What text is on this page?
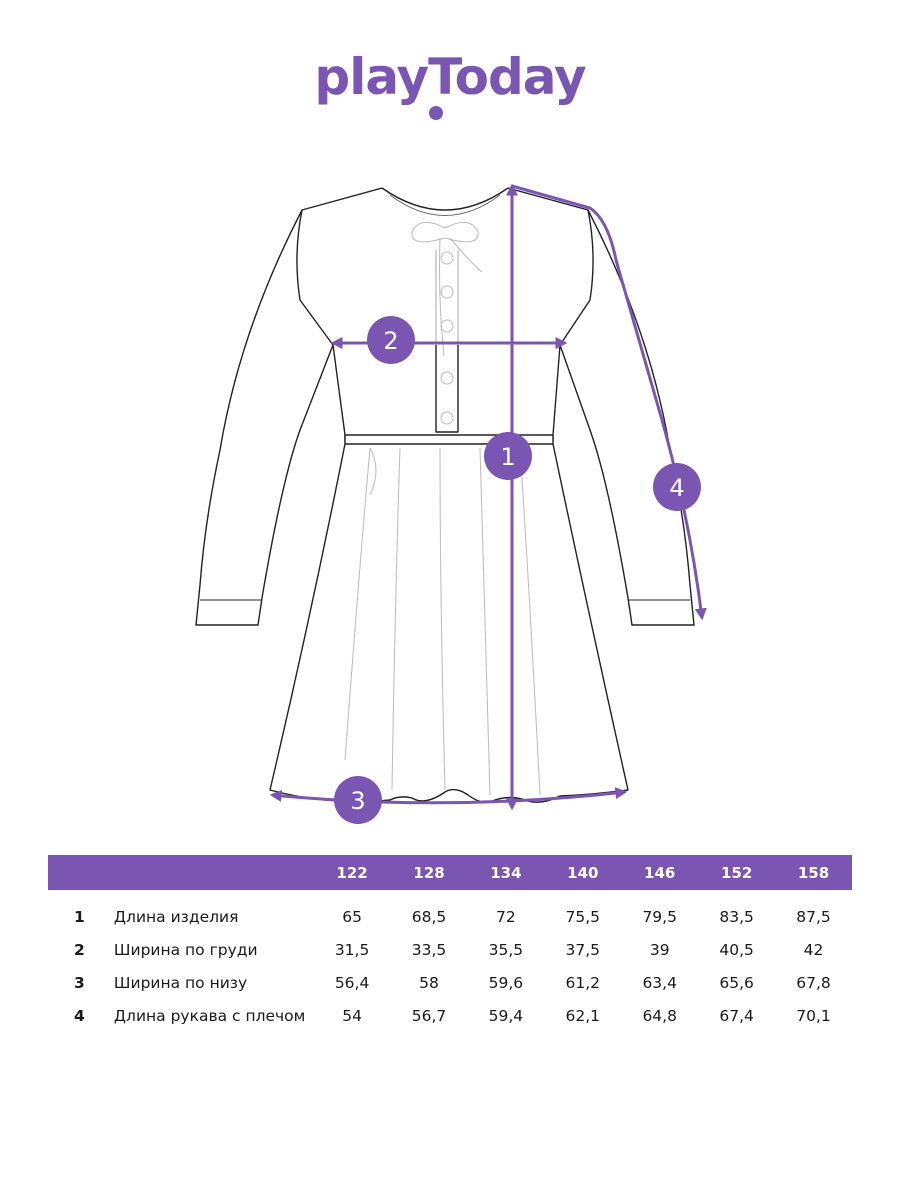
playToday
1
2
3
4
		122	128	134	140	146	152	158
1	Длина изделия	65	68,5	72	75,5	79,5	83,5	87,5
2	Ширина по груди	31,5	33,5	35,5	37,5	39	40,5	42
3	Ширина по низу	56,4	58	59,6	61,2	63,4	65,6	67,8
4	Длина рукава с плечом	54	56,7	59,4	62,1	64,8	67,4	70,1
